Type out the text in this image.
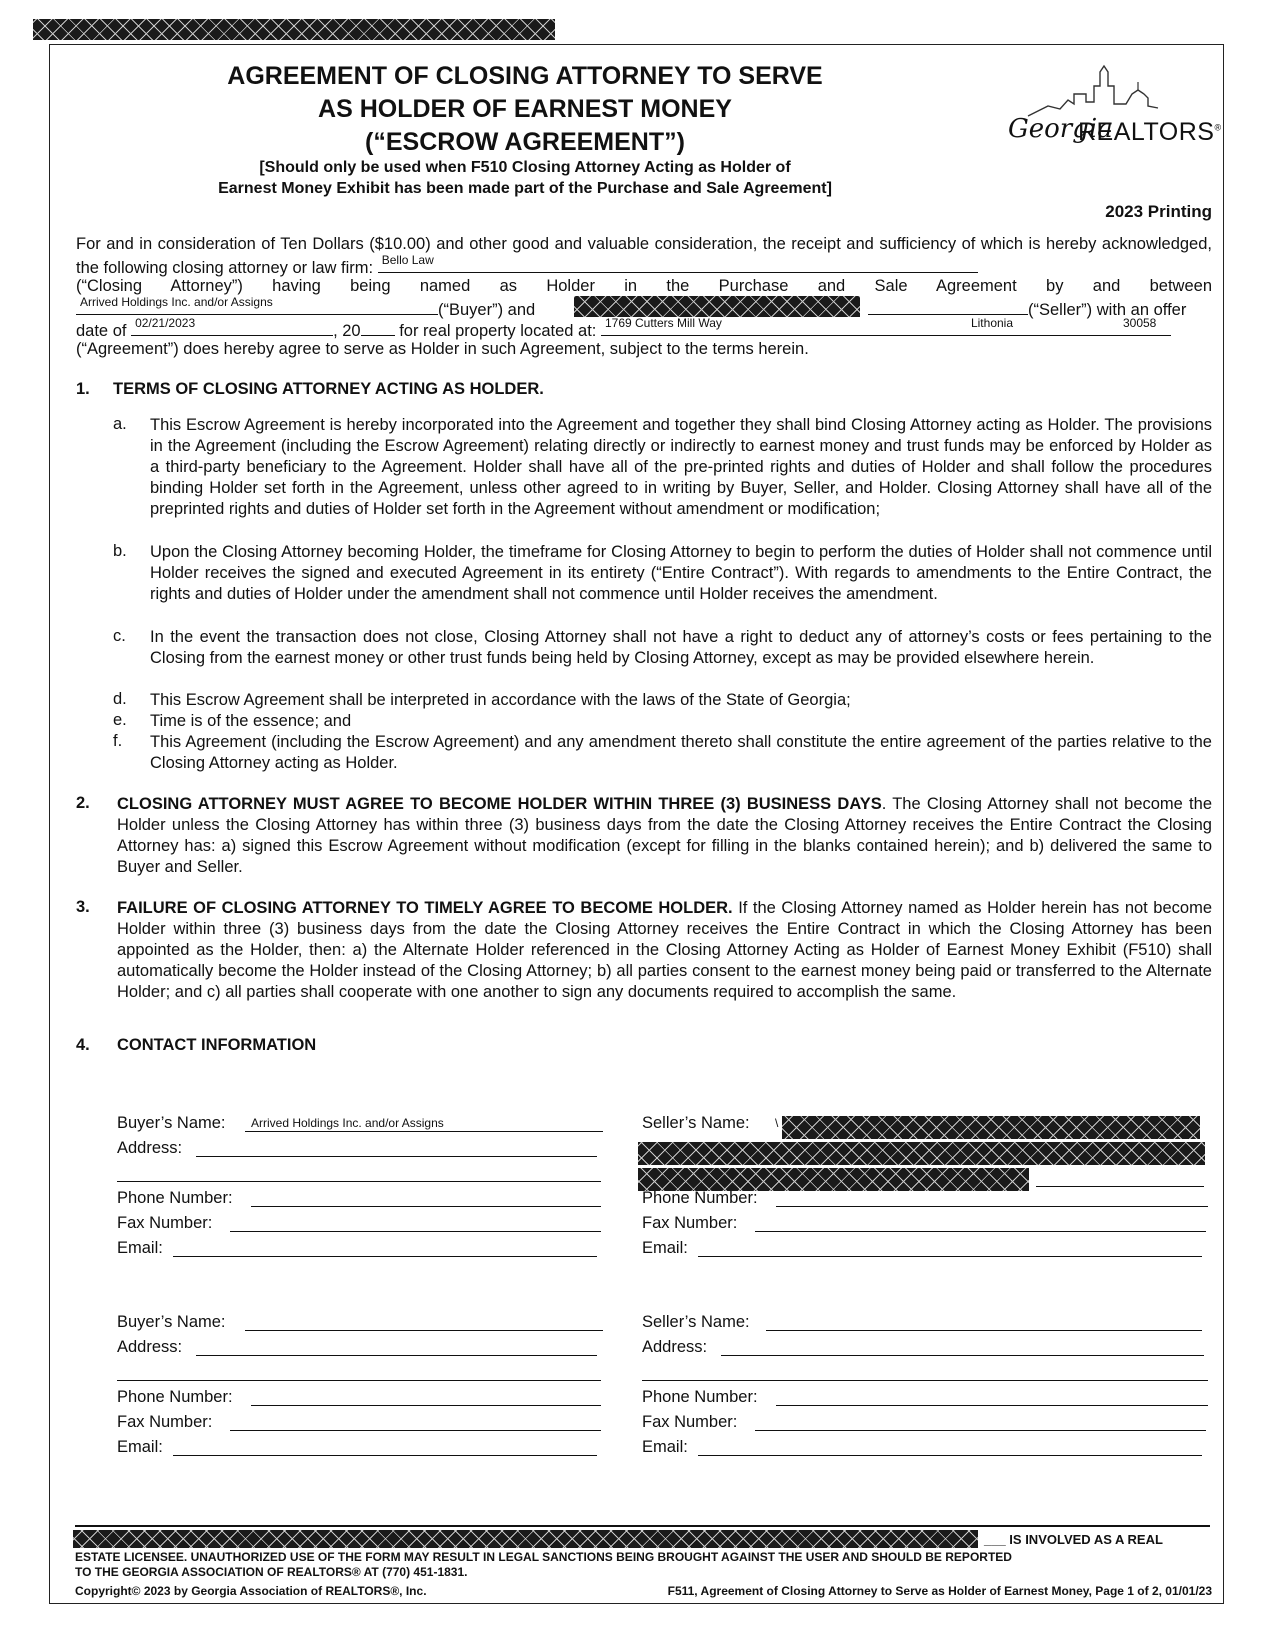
AGREEMENT OF CLOSING ATTORNEY TO SERVE
AS HOLDER OF EARNEST MONEY
(“ESCROW AGREEMENT”)
[Should only be used when F510 Closing Attorney Acting as Holder of
Earnest Money Exhibit has been made part of the Purchase and Sale Agreement]
Georgia
REALTORS®
2023 Printing
For and in consideration of Ten Dollars ($10.00) and other good and valuable consideration, the receipt and sufficiency of which is hereby acknowledged, the following closing attorney or law firm: Bello Law
(“Closing Attorney”) having being named as Holder in the Purchase and Sale Agreement by and between
Arrived Holdings Inc. and/or Assigns	(“Buyer”) and	(“Seller”) with an offer
date of 02/21/2023	, 20 for real property located at: 1769 Cutters Mill Way	Lithonia	30058
(“Agreement”) does hereby agree to serve as Holder in such Agreement, subject to the terms herein.
1. TERMS OF CLOSING ATTORNEY ACTING AS HOLDER.
a. This Escrow Agreement is hereby incorporated into the Agreement and together they shall bind Closing Attorney acting as Holder. The provisions in the Agreement (including the Escrow Agreement) relating directly or indirectly to earnest money and trust funds may be enforced by Holder as a third-party beneficiary to the Agreement. Holder shall have all of the pre-printed rights and duties of Holder and shall follow the procedures binding Holder set forth in the Agreement, unless other agreed to in writing by Buyer, Seller, and Holder. Closing Attorney shall have all of the preprinted rights and duties of Holder set forth in the Agreement without amendment or modification;
b. Upon the Closing Attorney becoming Holder, the timeframe for Closing Attorney to begin to perform the duties of Holder shall not commence until Holder receives the signed and executed Agreement in its entirety (“Entire Contract”). With regards to amendments to the Entire Contract, the rights and duties of Holder under the amendment shall not commence until Holder receives the amendment.
c. In the event the transaction does not close, Closing Attorney shall not have a right to deduct any of attorney’s costs or fees pertaining to the Closing from the earnest money or other trust funds being held by Closing Attorney, except as may be provided elsewhere herein.
d. This Escrow Agreement shall be interpreted in accordance with the laws of the State of Georgia;
e. Time is of the essence; and
f. This Agreement (including the Escrow Agreement) and any amendment thereto shall constitute the entire agreement of the parties relative to the Closing Attorney acting as Holder.
2. CLOSING ATTORNEY MUST AGREE TO BECOME HOLDER WITHIN THREE (3) BUSINESS DAYS. The Closing Attorney shall not become the Holder unless the Closing Attorney has within three (3) business days from the date the Closing Attorney receives the Entire Contract the Closing Attorney has: a) signed this Escrow Agreement without modification (except for filling in the blanks contained herein); and b) delivered the same to Buyer and Seller.
3. FAILURE OF CLOSING ATTORNEY TO TIMELY AGREE TO BECOME HOLDER. If the Closing Attorney named as Holder herein has not become Holder within three (3) business days from the date the Closing Attorney receives the Entire Contract in which the Closing Attorney has been appointed as the Holder, then: a) the Alternate Holder referenced in the Closing Attorney Acting as Holder of Earnest Money Exhibit (F510) shall automatically become the Holder instead of the Closing Attorney; b) all parties consent to the earnest money being paid or transferred to the Alternate Holder; and c) all parties shall cooperate with one another to sign any documents required to accomplish the same.
4. CONTACT INFORMATION
Buyer’s Name: Arrived Holdings Inc. and/or Assigns
Address:
Phone Number:
Fax Number:
Email:
Seller’s Name: \
Phone Number:
Fax Number:
Email:
Buyer’s Name:
Address:
Phone Number:
Fax Number:
Email:
Seller’s Name:
Address:
Phone Number:
Fax Number:
Email:
___ IS INVOLVED AS A REAL
ESTATE LICENSEE. UNAUTHORIZED USE OF THE FORM MAY RESULT IN LEGAL SANCTIONS BEING BROUGHT AGAINST THE USER AND SHOULD BE REPORTED
TO THE GEORGIA ASSOCIATION OF REALTORS® AT (770) 451-1831.
Copyright© 2023 by Georgia Association of REALTORS®, Inc.	F511, Agreement of Closing Attorney to Serve as Holder of Earnest Money, Page 1 of 2, 01/01/23
